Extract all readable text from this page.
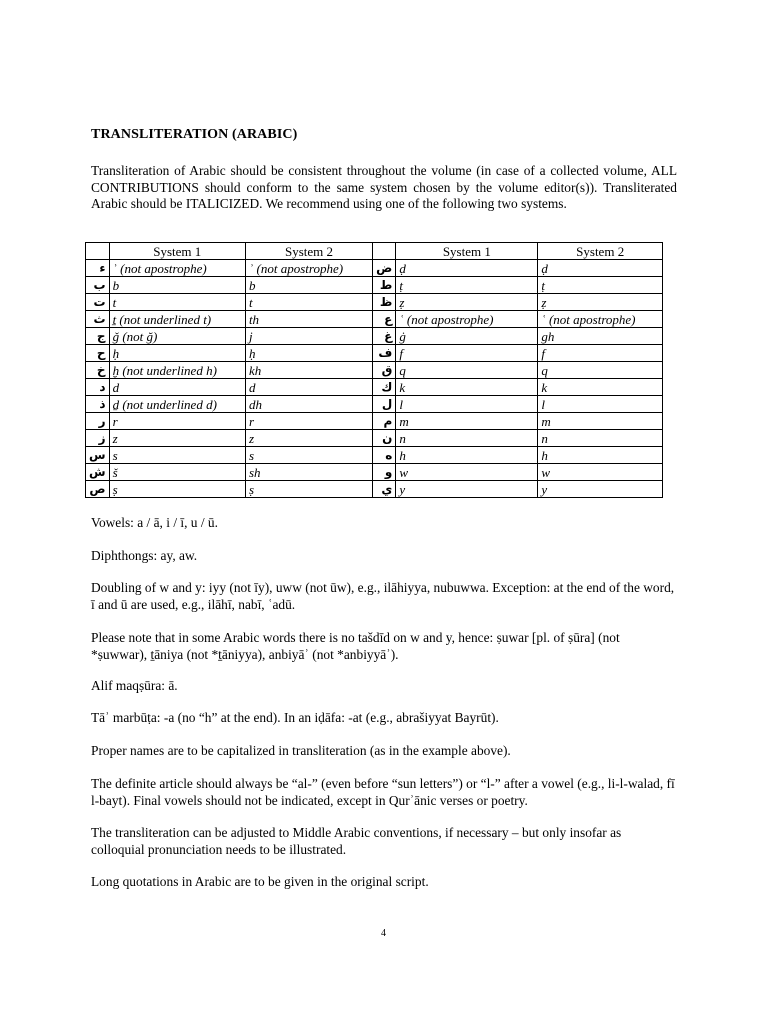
TRANSLITERATION (ARABIC)

Transliteration of Arabic should be consistent throughout the volume (in case of a collected volume, ALL CONTRIBUTIONS should conform to the same system chosen by the volume editor(s)). Transliterated Arabic should be ITALICIZED. We recommend using one of the following two systems.

	System 1	System 2		System 1	System 2
ء	ʾ (not apostrophe)	ʾ (not apostrophe)	ض	ḍ	ḍ
ب	b	b	ط	ṭ	ṭ
ت	t	t	ظ	ẓ	ẓ
ث	ṯ (not underlined t)	th	ع	ʿ (not apostrophe)	ʿ (not apostrophe)
ج	ǧ (not ğ)	j	غ	ġ	gh
ح	ḥ	ḥ	ف	f	f
خ	ḫ (not underlined h)	kh	ق	q	q
د	d	d	ك	k	k
ذ	ḏ (not underlined d)	dh	ل	l	l
ر	r	r	م	m	m
ز	z	z	ن	n	n
س	s	s	ه	h	h
ش	š	sh	و	w	w
ص	ṣ	ṣ	ي	y	y

Vowels: a / ā, i / ī, u / ū.

Diphthongs: ay, aw.

Doubling of w and y: iyy (not īy), uww (not ūw), e.g., ilāhiyya, nubuwwa. Exception: at the end of the word, ī and ū are used, e.g., ilāhī, nabī, ʿadū.

Please note that in some Arabic words there is no tašdīd on w and y, hence: ṣuwar [pl. of ṣūra] (not *ṣuwwar), ṯāniya (not *ṯāniyya), anbiyāʾ (not *anbiyyāʾ).

Alif maqṣūra: ā.

Tāʾ marbūṭa: -a (no “h” at the end). In an iḍāfa: -at (e.g., abrašiyyat Bayrūt).

Proper names are to be capitalized in transliteration (as in the example above).

The definite article should always be “al-” (even before “sun letters”) or “l-” after a vowel (e.g., li-l-walad, fī l-bayt). Final vowels should not be indicated, except in Qurʾānic verses or poetry.

The transliteration can be adjusted to Middle Arabic conventions, if necessary – but only insofar as colloquial pronunciation needs to be illustrated.

Long quotations in Arabic are to be given in the original script.

4
